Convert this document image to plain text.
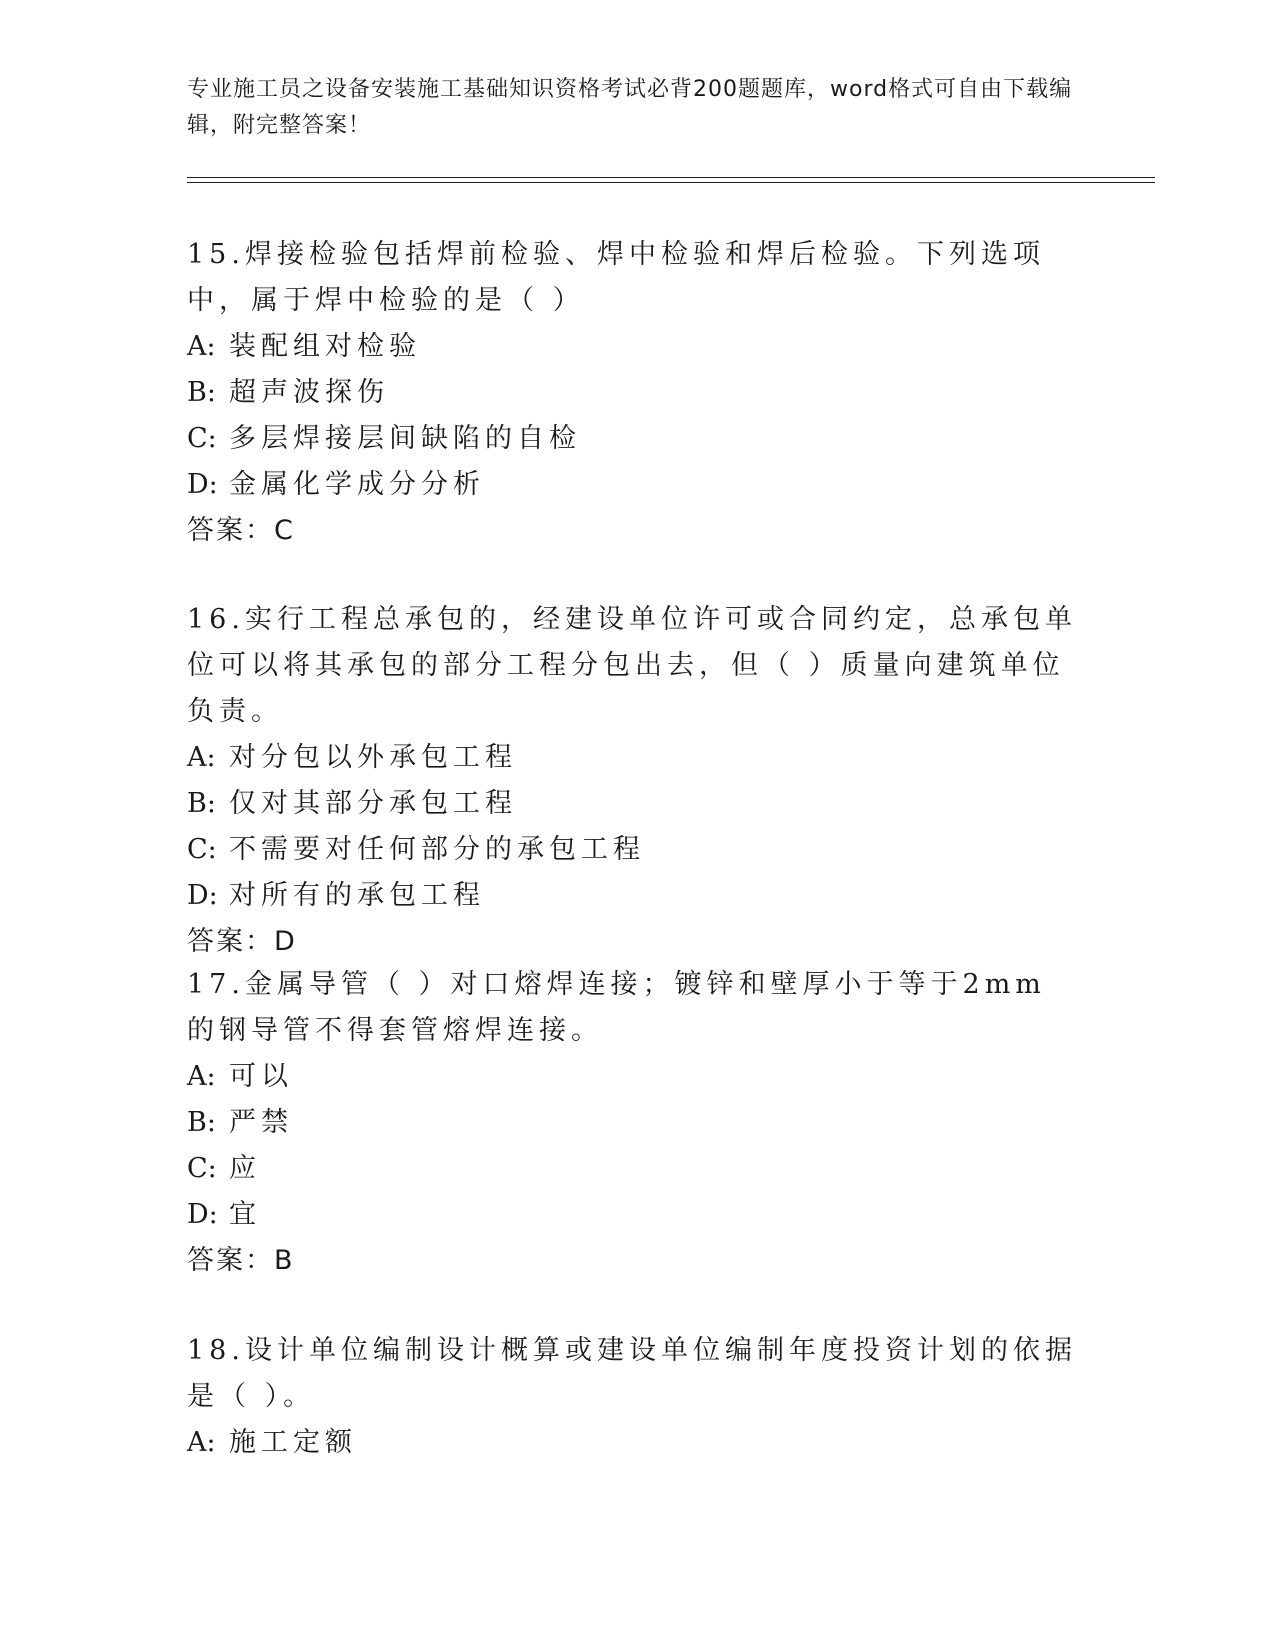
专业施工员之设备安装施工基础知识资格考试必背200题题库，word格式可自由下载编辑，附完整答案！

15.焊接检验包括焊前检验、焊中检验和焊后检验。下列选项中，属于焊中检验的是（ ）

A: 装配组对检验

B: 超声波探伤

C: 多层焊接层间缺陷的自检

D: 金属化学成分分析

答案：C

16.实行工程总承包的，经建设单位许可或合同约定，总承包单位可以将其承包的部分工程分包出去，但（ ）质量向建筑单位负责。

A: 对分包以外承包工程

B: 仅对其部分承包工程

C: 不需要对任何部分的承包工程

D: 对所有的承包工程

答案：D

17.金属导管（ ）对口熔焊连接；镀锌和壁厚小于等于2mm的钢导管不得套管熔焊连接。

A: 可以

B: 严禁

C: 应

D: 宜

答案：B

18.设计单位编制设计概算或建设单位编制年度投资计划的依据是（ ）。

A: 施工定额
